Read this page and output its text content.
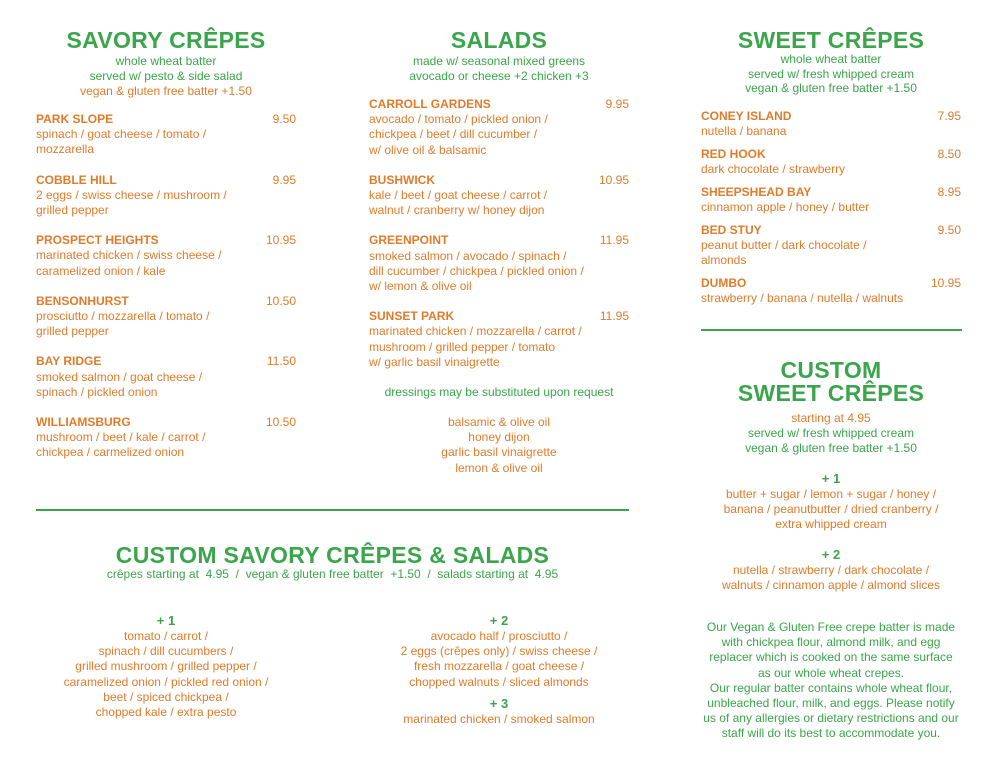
SAVORY CRÊPES
whole wheat batter
served w/ pesto & side salad
vegan & gluten free batter +1.50
PARK SLOPE	9.50
spinach / goat cheese / tomato /
mozzarella
COBBLE HILL	9.95
2 eggs / swiss cheese / mushroom /
grilled pepper
PROSPECT HEIGHTS	10.95
marinated chicken / swiss cheese /
caramelized onion / kale
BENSONHURST	10.50
prosciutto / mozzarella / tomato /
grilled pepper
BAY RIDGE	11.50
smoked salmon / goat cheese /
spinach / pickled onion
WILLIAMSBURG	10.50
mushroom / beet / kale / carrot /
chickpea / carmelized onion
SALADS
made w/ seasonal mixed greens
avocado or cheese +2 chicken +3
CARROLL GARDENS	9.95
avocado / tomato / pickled onion /
chickpea / beet / dill cucumber /
w/ olive oil & balsamic
BUSHWICK	10.95
kale / beet / goat cheese / carrot /
walnut / cranberry w/ honey dijon
GREENPOINT	11.95
smoked salmon / avocado / spinach /
dill cucumber / chickpea / pickled onion /
w/ lemon & olive oil
SUNSET PARK	11.95
marinated chicken / mozzarella / carrot /
mushroom / grilled pepper / tomato
w/ garlic basil vinaigrette
dressings may be substituted upon request
balsamic & olive oil
honey dijon
garlic basil vinaigrette
lemon & olive oil
SWEET CRÊPES
whole wheat batter
served w/ fresh whipped cream
vegan & gluten free batter +1.50
CONEY ISLAND	7.95
nutella / banana
RED HOOK	8.50
dark chocolate / strawberry
SHEEPSHEAD BAY	8.95
cinnamon apple / honey / butter
BED STUY	9.50
peanut butter / dark chocolate /
almonds
DUMBO	10.95
strawberry / banana / nutella / walnuts
CUSTOM
SWEET CRÊPES
starting at 4.95
served w/ fresh whipped cream
vegan & gluten free batter +1.50
+ 1
butter + sugar / lemon + sugar / honey /
banana / peanutbutter / dried cranberry /
extra whipped cream
+ 2
nutella / strawberry / dark chocolate /
walnuts / cinnamon apple / almond slices
CUSTOM SAVORY CRÊPES & SALADS
crêpes starting at  4.95  /  vegan & gluten free batter  +1.50  /  salads starting at  4.95
+ 1
tomato / carrot /
spinach / dill cucumbers /
grilled mushroom / grilled pepper /
caramelized onion / pickled red onion /
beet / spiced chickpea /
chopped kale / extra pesto
+ 2
avocado half / prosciutto /
2 eggs (crêpes only) / swiss cheese /
fresh mozzarella / goat cheese /
chopped walnuts / sliced almonds
+ 3
marinated chicken / smoked salmon
Our Vegan & Gluten Free crepe batter is made
with chickpea flour, almond milk, and egg
replacer which is cooked on the same surface
as our whole wheat crepes.
Our regular batter contains whole wheat flour,
unbleached flour, milk, and eggs. Please notify
us of any allergies or dietary restrictions and our
staff will do its best to accommodate you.
